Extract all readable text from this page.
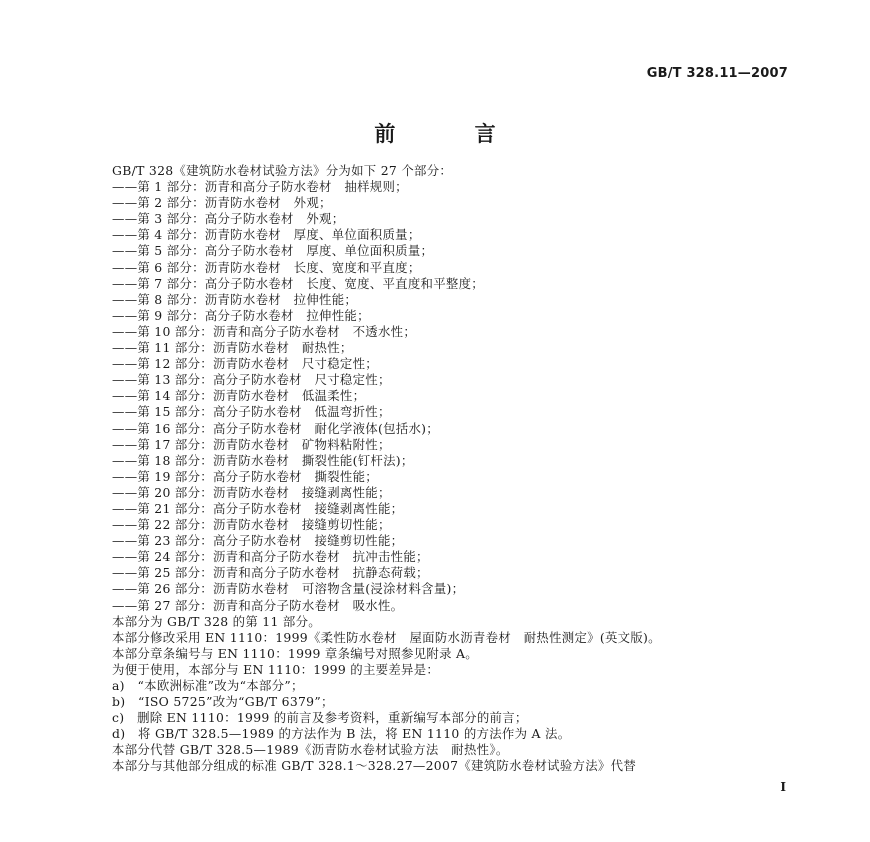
GB/T 328.11—2007
前 言
GB/T 328《建筑防水卷材试验方法》分为如下 27 个部分：
——第 1 部分：沥青和高分子防水卷材　抽样规则；
——第 2 部分：沥青防水卷材　外观；
——第 3 部分：高分子防水卷材　外观；
——第 4 部分：沥青防水卷材　厚度、单位面积质量；
——第 5 部分：高分子防水卷材　厚度、单位面积质量；
——第 6 部分：沥青防水卷材　长度、宽度和平直度；
——第 7 部分：高分子防水卷材　长度、宽度、平直度和平整度；
——第 8 部分：沥青防水卷材　拉伸性能；
——第 9 部分：高分子防水卷材　拉伸性能；
——第 10 部分：沥青和高分子防水卷材　不透水性；
——第 11 部分：沥青防水卷材　耐热性；
——第 12 部分：沥青防水卷材　尺寸稳定性；
——第 13 部分：高分子防水卷材　尺寸稳定性；
——第 14 部分：沥青防水卷材　低温柔性；
——第 15 部分：高分子防水卷材　低温弯折性；
——第 16 部分：高分子防水卷材　耐化学液体(包括水)；
——第 17 部分：沥青防水卷材　矿物料粘附性；
——第 18 部分：沥青防水卷材　撕裂性能(钉杆法)；
——第 19 部分：高分子防水卷材　撕裂性能；
——第 20 部分：沥青防水卷材　接缝剥离性能；
——第 21 部分：高分子防水卷材　接缝剥离性能；
——第 22 部分：沥青防水卷材　接缝剪切性能；
——第 23 部分：高分子防水卷材　接缝剪切性能；
——第 24 部分：沥青和高分子防水卷材　抗冲击性能；
——第 25 部分：沥青和高分子防水卷材　抗静态荷载；
——第 26 部分：沥青防水卷材　可溶物含量(浸涂材料含量)；
——第 27 部分：沥青和高分子防水卷材　吸水性。
本部分为 GB/T 328 的第 11 部分。
本部分修改采用 EN 1110：1999《柔性防水卷材　屋面防水沥青卷材　耐热性测定》(英文版)。
本部分章条编号与 EN 1110：1999 章条编号对照参见附录 A。
为便于使用，本部分与 EN 1110：1999 的主要差异是：
a)　“本欧洲标准”改为“本部分”；
b)　“ISO 5725”改为“GB/T 6379”；
c)　删除 EN 1110：1999 的前言及参考资料，重新编写本部分的前言；
d)　将 GB/T 328.5—1989 的方法作为 B 法，将 EN 1110 的方法作为 A 法。
本部分代替 GB/T 328.5—1989《沥青防水卷材试验方法　耐热性》。
本部分与其他部分组成的标准 GB/T 328.1～328.27—2007《建筑防水卷材试验方法》代替
I
